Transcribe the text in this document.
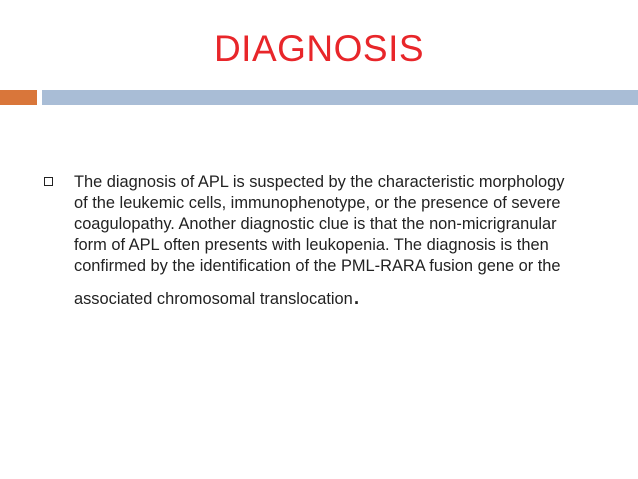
DIAGNOSIS
The diagnosis of APL is suspected by the characteristic morphology
of the leukemic cells, immunophenotype, or the presence of severe
coagulopathy. Another diagnostic clue is that the non-micrigranular
form of APL often presents with leukopenia. The diagnosis is then
confirmed by the identification of the PML-RARA fusion gene or the
associated chromosomal translocation.
